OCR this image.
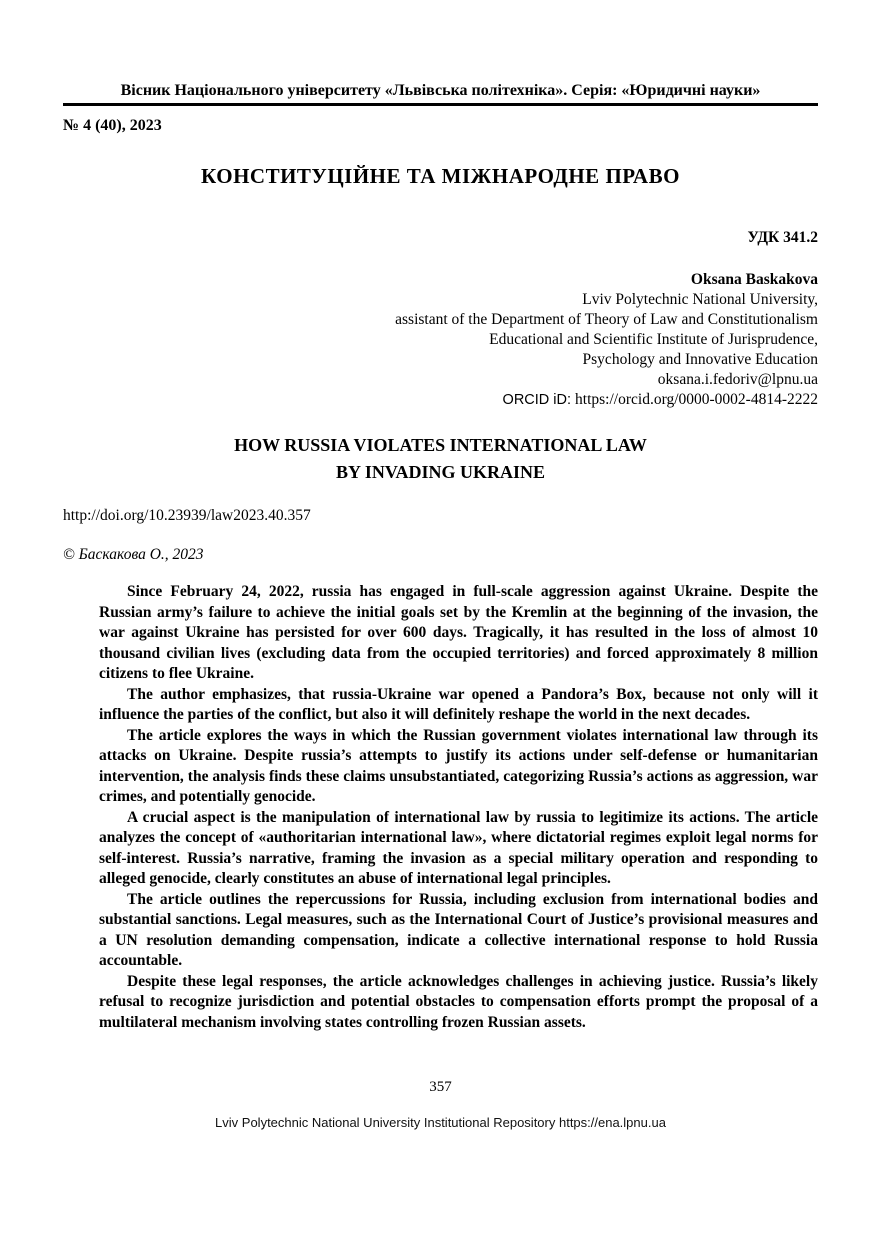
Вісник Національного університету «Львівська політехніка». Серія: «Юридичні науки»
№ 4 (40), 2023
КОНСТИТУЦІЙНЕ ТА МІЖНАРОДНЕ ПРАВО
УДК 341.2
Oksana Baskakova
Lviv Polytechnic National University,
assistant of the Department of Theory of Law and Constitutionalism
Educational and Scientific Institute of Jurisprudence,
Psychology and Innovative Education
oksana.i.fedoriv@lpnu.ua
ORCID iD: https://orcid.org/0000-0002-4814-2222
HOW RUSSIA VIOLATES INTERNATIONAL LAW
BY INVADING UKRAINE
http://doi.org/10.23939/law2023.40.357
© Баскакова О., 2023

Since February 24, 2022, russia has engaged in full-scale aggression against Ukraine. Despite the Russian army’s failure to achieve the initial goals set by the Kremlin at the beginning of the invasion, the war against Ukraine has persisted for over 600 days. Tragically, it has resulted in the loss of almost 10 thousand civilian lives (excluding data from the occupied territories) and forced approximately 8 million citizens to flee Ukraine.

The author emphasizes, that russia-Ukraine war opened a Pandora’s Box, because not only will it influence the parties of the conflict, but also it will definitely reshape the world in the next decades.

The article explores the ways in which the Russian government violates international law through its attacks on Ukraine. Despite russia’s attempts to justify its actions under self-defense or humanitarian intervention, the analysis finds these claims unsubstantiated, categorizing Russia’s actions as aggression, war crimes, and potentially genocide.

A crucial aspect is the manipulation of international law by russia to legitimize its actions. The article analyzes the concept of «authoritarian international law», where dictatorial regimes exploit legal norms for self-interest. Russia’s narrative, framing the invasion as a special military operation and responding to alleged genocide, clearly constitutes an abuse of international legal principles.

The article outlines the repercussions for Russia, including exclusion from international bodies and substantial sanctions. Legal measures, such as the International Court of Justice’s provisional measures and a UN resolution demanding compensation, indicate a collective international response to hold Russia accountable.

Despite these legal responses, the article acknowledges challenges in achieving justice. Russia’s likely refusal to recognize jurisdiction and potential obstacles to compensation efforts prompt the proposal of a multilateral mechanism involving states controlling frozen Russian assets.

357
Lviv Polytechnic National University Institutional Repository https://ena.lpnu.ua
